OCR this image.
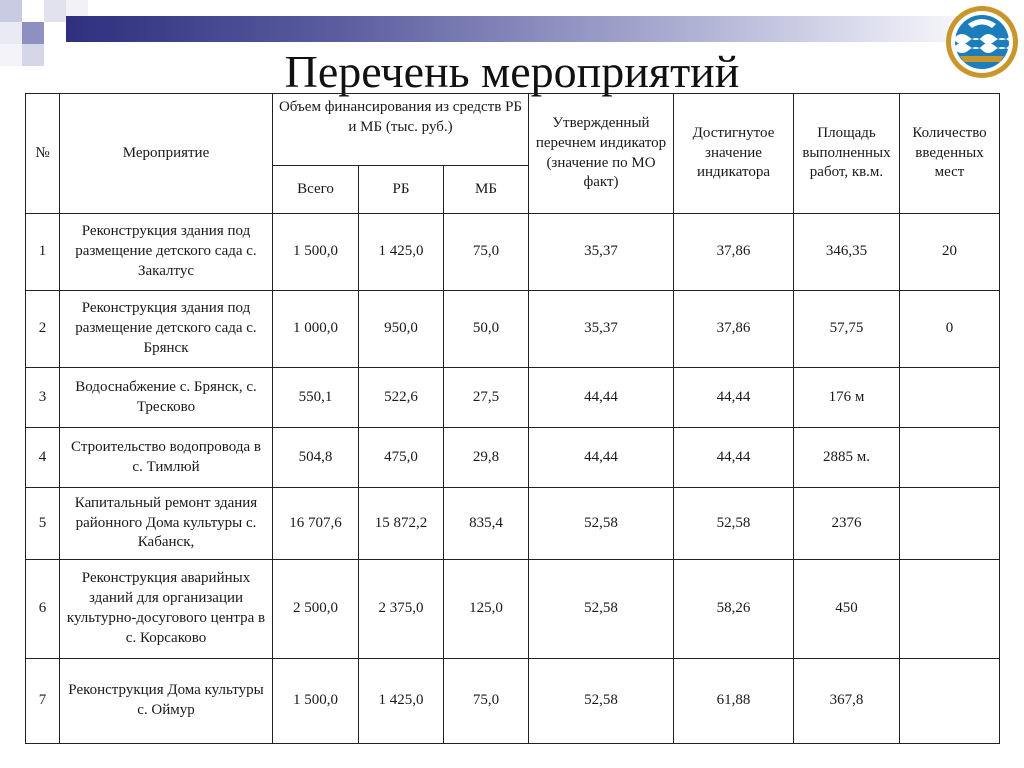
Перечень мероприятий
№	Мероприятие	Объем финансирования из средств РБ и МБ (тыс. руб.)			Утвержденный перечнем индикатор (значение по МО факт)	Достигнутое значение индикатора	Площадь выполненных работ, кв.м.	Количество введенных мест
		Всего	РБ	МБ				
1	Реконструкция здания под размещение детского сада с. Закалтус	1 500,0	1 425,0	75,0	35,37	37,86	346,35	20
2	Реконструкция здания под размещение детского сада с. Брянск	1 000,0	950,0	50,0	35,37	37,86	57,75	0
3	Водоснабжение с. Брянск, с. Тресково	550,1	522,6	27,5	44,44	44,44	176 м	
4	Строительство водопровода в с. Тимлюй	504,8	475,0	29,8	44,44	44,44	2885 м.	
5	Капитальный ремонт здания районного Дома культуры с. Кабанск,	16 707,6	15 872,2	835,4	52,58	52,58	2376	
6	Реконструкция аварийных зданий для организации культурно-досугового центра в с. Корсаково	2 500,0	2 375,0	125,0	52,58	58,26	450	
7	Реконструкция Дома культуры с. Оймур	1 500,0	1 425,0	75,0	52,58	61,88	367,8	
